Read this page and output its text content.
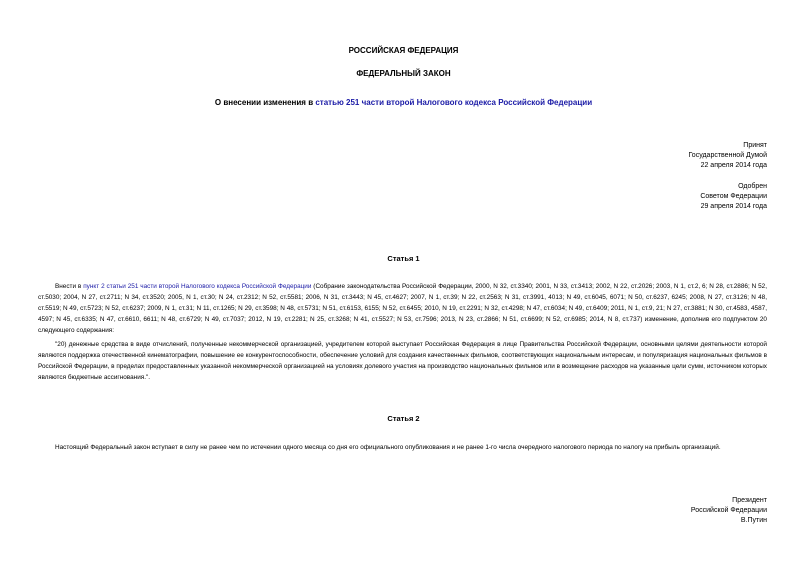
РОССИЙСКАЯ ФЕДЕРАЦИЯ
ФЕДЕРАЛЬНЫЙ ЗАКОН
О внесении изменения в статью 251 части второй Налогового кодекса Российской Федерации
Принят
Государственной Думой
22 апреля 2014 года
Одобрен
Советом Федерации
29 апреля 2014 года
Статья 1
Внести в пункт 2 статьи 251 части второй Налогового кодекса Российской Федерации (Собрание законодательства Российской Федерации, 2000, N 32, ст.3340; 2001, N 33, ст.3413; 2002, N 22, ст.2026; 2003, N 1, ст.2, 6; N 28, ст.2886; N 52, ст.5030; 2004, N 27, ст.2711; N 34, ст.3520; 2005, N 1, ст.30; N 24, ст.2312; N 52, ст.5581; 2006, N 31, ст.3443; N 45, ст.4627; 2007, N 1, ст.39; N 22, ст.2563; N 31, ст.3991, 4013; N 49, ст.6045, 6071; N 50, ст.6237, 6245; 2008, N 27, ст.3126; N 48, ст.5519; N 49, ст.5723; N 52, ст.6237; 2009, N 1, ст.31; N 11, ст.1265; N 29, ст.3598; N 48, ст.5731; N 51, ст.6153, 6155; N 52, ст.6455; 2010, N 19, ст.2291; N 32, ст.4298; N 47, ст.6034; N 49, ст.6409; 2011, N 1, ст.9, 21; N 27, ст.3881; N 30, ст.4583, 4587, 4597; N 45, ст.6335; N 47, ст.6610, 6611; N 48, ст.6729; N 49, ст.7037; 2012, N 19, ст.2281; N 25, ст.3268; N 41, ст.5527; N 53, ст.7596; 2013, N 23, ст.2866; N 51, ст.6699; N 52, ст.6985; 2014, N 8, ст.737) изменение, дополнив его подпунктом 20 следующего содержания:
"20) денежные средства в виде отчислений, полученные некоммерческой организацией, учредителем которой выступает Российская Федерация в лице Правительства Российской Федерации, основными целями деятельности которой являются поддержка отечественной кинематографии, повышение ее конкурентоспособности, обеспечение условий для создания качественных фильмов, соответствующих национальным интересам, и популяризация национальных фильмов в Российской Федерации, в пределах предоставленных указанной некоммерческой организацией на условиях долевого участия на производство национальных фильмов или в возмещение расходов на указанные цели сумм, источником которых являются бюджетные ассигнования.".
Статья 2
Настоящий Федеральный закон вступает в силу не ранее чем по истечении одного месяца со дня его официального опубликования и не ранее 1-го числа очередного налогового периода по налогу на прибыль организаций.
Президент
Российской Федерации
В.Путин
